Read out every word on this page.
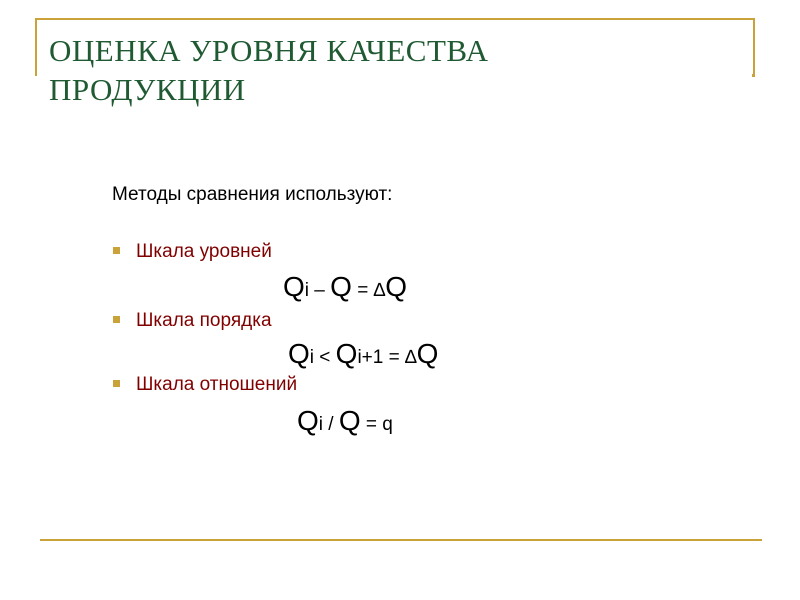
ОЦЕНКА УРОВНЯ КАЧЕСТВА
ПРОДУКЦИИ
Методы сравнения используют:
Шкала уровней
Qi – Q = ∆Q
Шкала порядка
Qi < Qi+1 = ∆Q
Шкала отношений
Qi / Q = q
